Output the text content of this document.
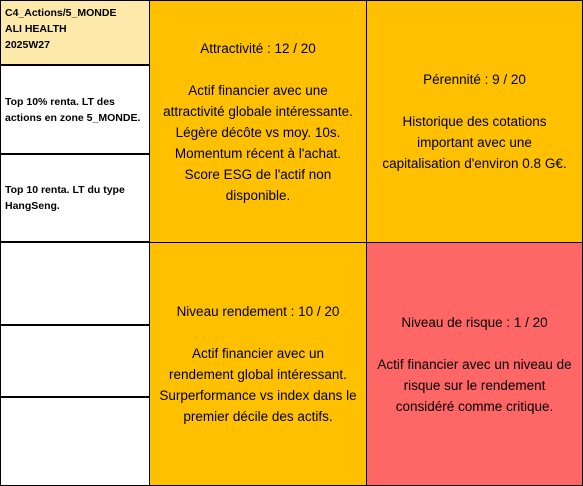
C4_Actions/5_MONDE
ALI HEALTH
2025W27
Top 10% renta. LT des
actions en zone 5_MONDE.
Top 10 renta. LT du type
HangSeng.
Attractivité : 12 / 20
Actif financier avec une
attractivité globale intéressante.
Légère décôte vs moy. 10s.
Momentum récent à l'achat.
Score ESG de l'actif non
disponible.
Pérennité : 9 / 20
Historique des cotations
important avec une
capitalisation d'environ 0.8 G€.
Niveau rendement : 10 / 20
Actif financier avec un
rendement global intéressant.
Surperformance vs index dans le
premier décile des actifs.
Niveau de risque : 1 / 20
Actif financier avec un niveau de
risque sur le rendement
considéré comme critique.
